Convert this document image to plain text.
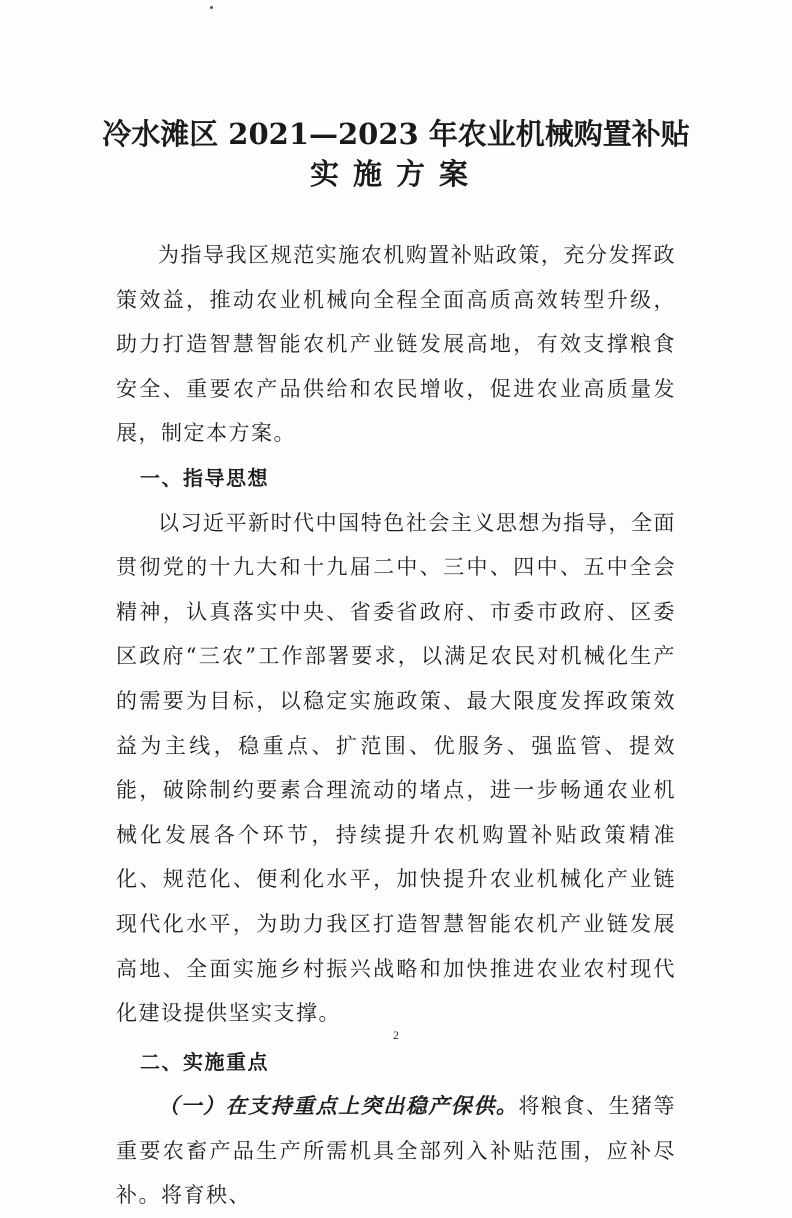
冷水滩区 2021—2023 年农业机械购置补贴
实施方案

为指导我区规范实施农机购置补贴政策，充分发挥政策效益，推动农业机械向全程全面高质高效转型升级，助力打造智慧智能农机产业链发展高地，有效支撑粮食安全、重要农产品供给和农民增收，促进农业高质量发展，制定本方案。

一、指导思想

以习近平新时代中国特色社会主义思想为指导，全面贯彻党的十九大和十九届二中、三中、四中、五中全会精神，认真落实中央、省委省政府、市委市政府、区委区政府“三农”工作部署要求，以满足农民对机械化生产的需要为目标，以稳定实施政策、最大限度发挥政策效益为主线，稳重点、扩范围、优服务、强监管、提效能，破除制约要素合理流动的堵点，进一步畅通农业机械化发展各个环节，持续提升农机购置补贴政策精准化、规范化、便利化水平，加快提升农业机械化产业链现代化水平，为助力我区打造智慧智能农机产业链发展高地、全面实施乡村振兴战略和加快推进农业农村现代化建设提供坚实支撑。

二、实施重点

（一）在支持重点上突出稳产保供。将粮食、生猪等重要农畜产品生产所需机具全部列入补贴范围，应补尽补。将育秧、

2
